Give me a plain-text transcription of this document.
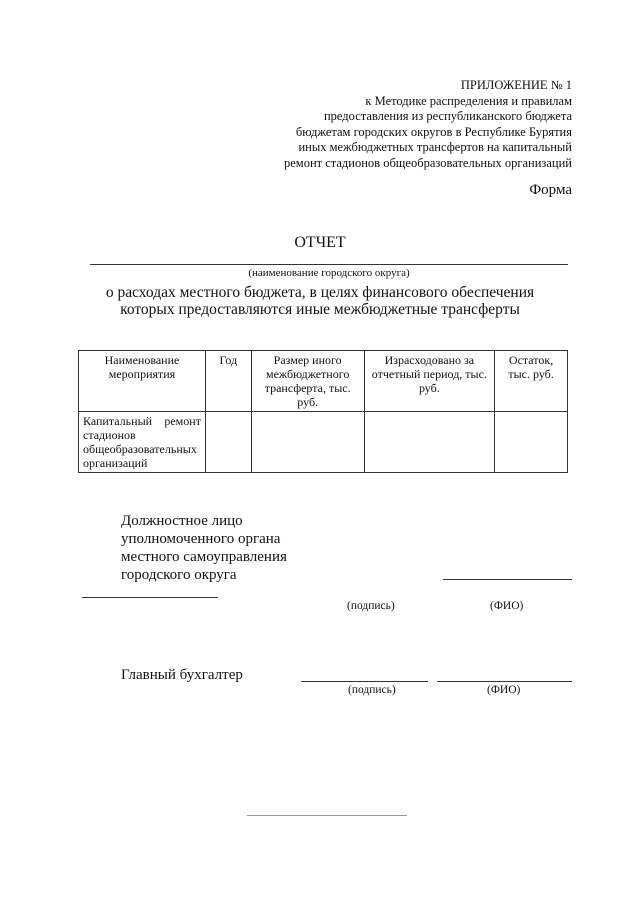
ПРИЛОЖЕНИЕ № 1
к Методике распределения и правилам
предоставления из республиканского бюджета
бюджетам городских округов в Республике Бурятия
иных межбюджетных трансфертов на капитальный
ремонт стадионов общеобразовательных организаций
Форма
ОТЧЕТ
(наименование городского округа)
о расходах местного бюджета, в целях финансового обеспечения
которых предоставляются иные межбюджетные трансферты
Наименование мероприятия	Год	Размер иного межбюджетного трансферта, тыс. руб.	Израсходовано за отчетный период, тыс. руб.	Остаток, тыс. руб.
Капитальный ремонт стадионов общеобразовательных организаций				
Должностное лицо
уполномоченного органа
местного самоуправления
городского округа
(подпись)	(ФИО)
Главный бухгалтер
(подпись)	(ФИО)
